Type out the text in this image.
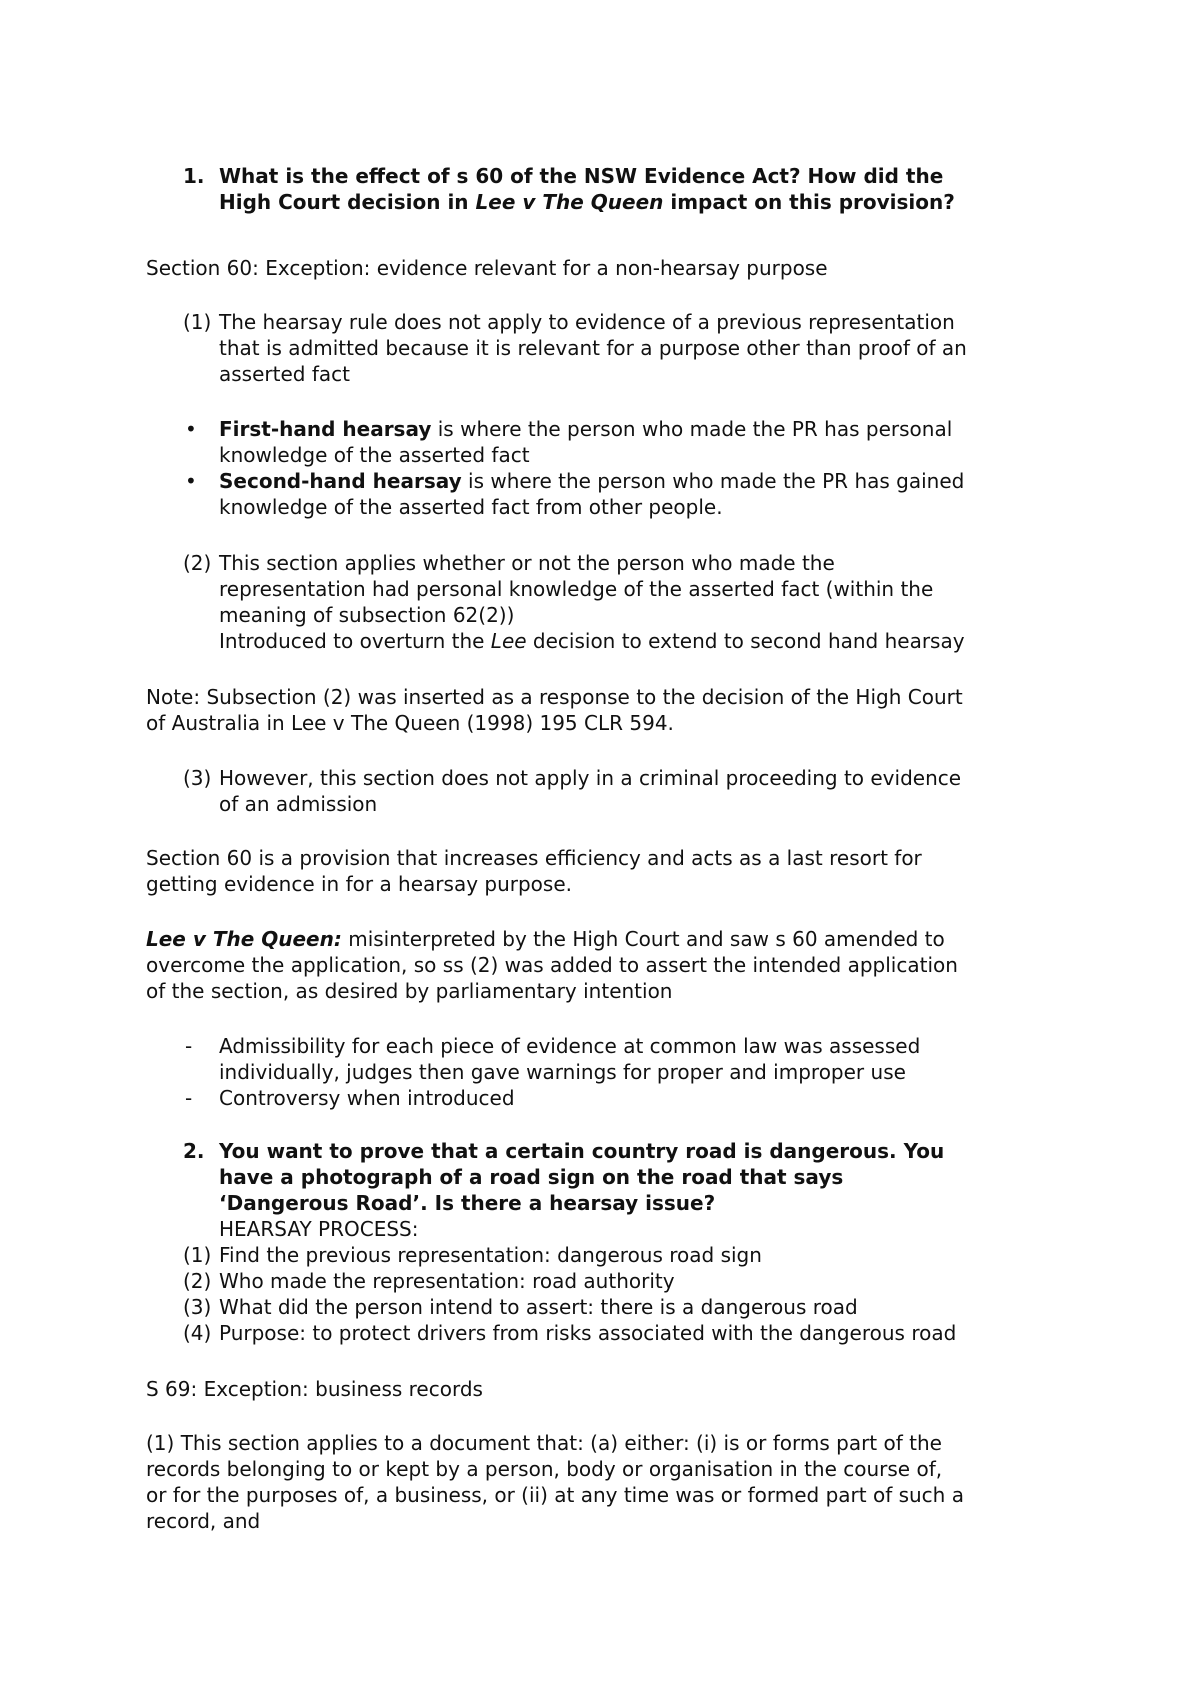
1. What is the effect of s 60 of the NSW Evidence Act? How did the
High Court decision in Lee v The Queen impact on this provision?
Section 60: Exception: evidence relevant for a non-hearsay purpose
(1) The hearsay rule does not apply to evidence of a previous representation
that is admitted because it is relevant for a purpose other than proof of an
asserted fact
• First-hand hearsay is where the person who made the PR has personal
knowledge of the asserted fact
• Second-hand hearsay is where the person who made the PR has gained
knowledge of the asserted fact from other people.
(2) This section applies whether or not the person who made the
representation had personal knowledge of the asserted fact (within the
meaning of subsection 62(2))
Introduced to overturn the Lee decision to extend to second hand hearsay
Note: Subsection (2) was inserted as a response to the decision of the High Court
of Australia in Lee v The Queen (1998) 195 CLR 594.
(3) However, this section does not apply in a criminal proceeding to evidence
of an admission
Section 60 is a provision that increases efficiency and acts as a last resort for
getting evidence in for a hearsay purpose.
Lee v The Queen: misinterpreted by the High Court and saw s 60 amended to
overcome the application, so ss (2) was added to assert the intended application
of the section, as desired by parliamentary intention
- Admissibility for each piece of evidence at common law was assessed
individually, judges then gave warnings for proper and improper use
- Controversy when introduced
2. You want to prove that a certain country road is dangerous. You
have a photograph of a road sign on the road that says
‘Dangerous Road’. Is there a hearsay issue?
HEARSAY PROCESS:
(1) Find the previous representation: dangerous road sign
(2) Who made the representation: road authority
(3) What did the person intend to assert: there is a dangerous road
(4) Purpose: to protect drivers from risks associated with the dangerous road
S 69: Exception: business records
(1) This section applies to a document that: (a) either: (i) is or forms part of the
records belonging to or kept by a person, body or organisation in the course of,
or for the purposes of, a business, or (ii) at any time was or formed part of such a
record, and
